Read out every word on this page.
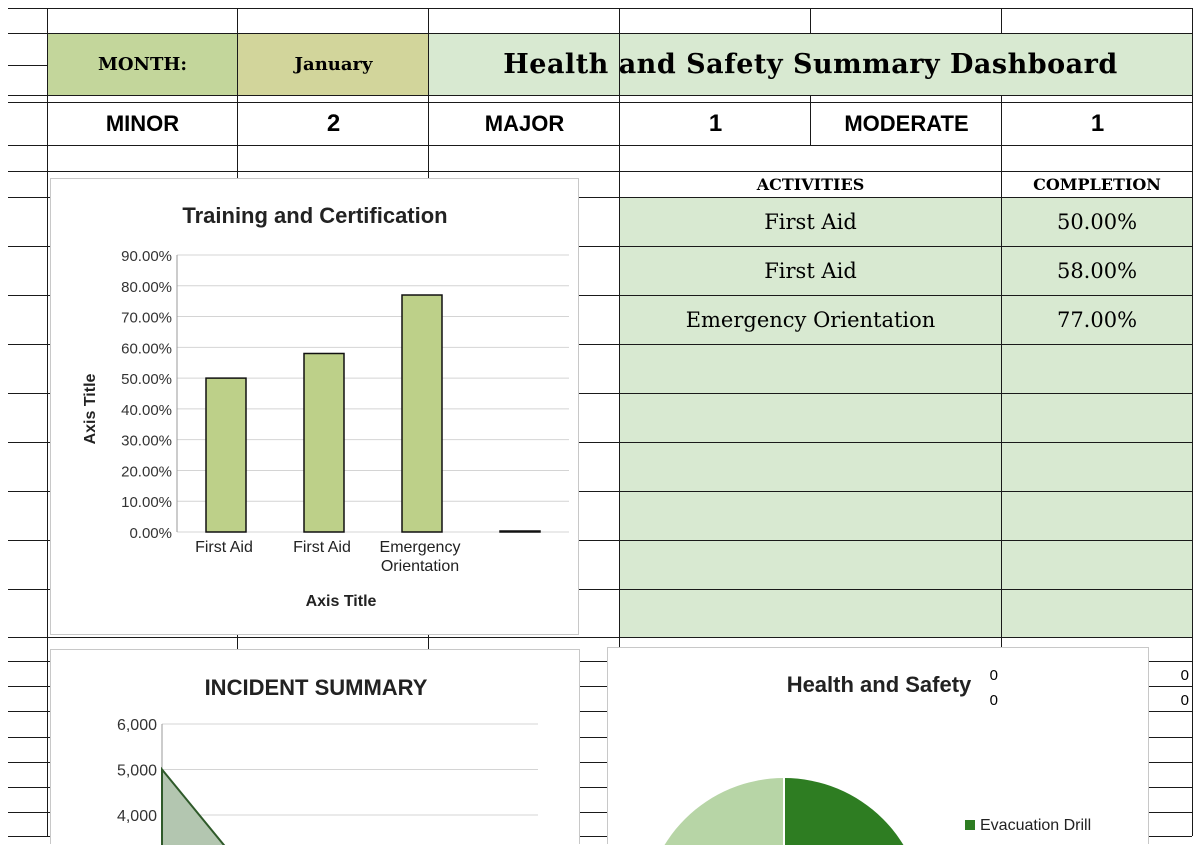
MONTH:	January	Health and Safety Summary Dashboard
MINOR	2	MAJOR	1	MODERATE	1
ACTIVITIES	COMPLETION
First Aid	50.00%
First Aid	58.00%
Emergency Orientation	77.00%
Training and Certification
0.00%
10.00%
20.00%
30.00%
40.00%
50.00%
60.00%
70.00%
80.00%
90.00%
First Aid	First Aid Emergency
Orientation
Axis Title
Axis Title
INCIDENT SUMMARY
4,000
5,000
6,000
Health and Safety
Evacuation Drill
0
0
0
0
